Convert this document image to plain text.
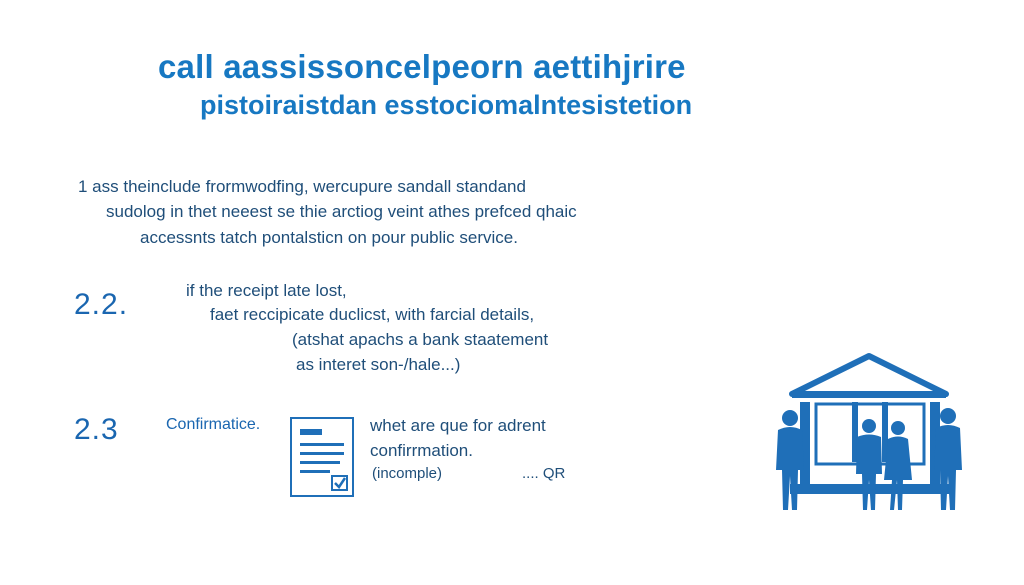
call aassissoncelpeorn aettihjrire
pistoiraistdan esstociomalntesistetion
1 ass theinclude frormwodfing, wercupure sandall standand
sudolog in thet neeest se thie arctiog veint athes prefced qhaic
accessnts tatch pontalsticn on pour public service.
2.2.	if the receipt late lost,
faet reccipicate duclicst, with farcial details,
(atshat apachs a bank staatement
as interet son-/hale...)
2.3	Confirmatice.	whet are que for adrent
confirrmation.
(incomple)	.... QR
